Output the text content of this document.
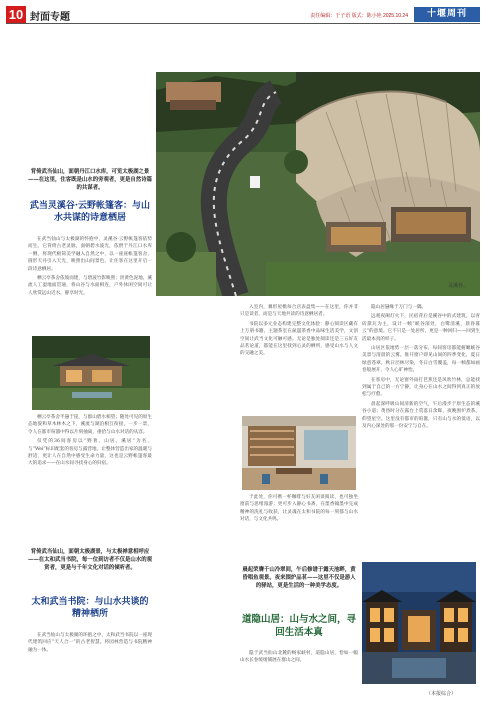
10 封面专题	责任编辑：于子语 版式：陈小艳 2025.10.24	十堰周刊
灵溪谷。
背倚武当仙山，面朝丹江口水库，可览太极湖之景——在这里，住客既是山水的旁观者，更是自然诗篇的共谋者。
武当灵溪谷·云野帐篷客：与山水共谋的诗意栖居

在武当仙山与太极湖的怀抱中，灵溪谷·云野帐篷客依势而生。它背倚古老灵脉，面朝碧水波光，依偎于丹江口水库一侧，将现代极简美学融入自然之中，以一座座帐篷客舍，圆形天井引入天光，映照出山间景色，让住客在这里开启一段诗意栖居。

栖云亭茶舍依坡而建，与碧波竹影映照；淡黄色泥地、溪流人工湿地面贯通，将山谷与水面相连，户外休闲空间可让人欣赏远山近水，静享时光。

栖云亭茶舍半悬于崖，与群山碧水相望；随处可见的原生态地貌和草木林木之下，溪流与湖泊相互衔接，一步一景，令人在都市喧嚣中得以片刻抽离，重拾与山水对话的从容。

仅凭的36间客房以“野奢、山居、溪居”为名，与“Wei”标识配套的客房与露营地，让整体营造出家的温暖与舒适，更让人在自然中感受生命力量，这也是云野帐篷客最大的追求——在山水间寻找身心的归宿。

背倚武当仙山，面朝太极湖景，与太极禅意相呼应——在太和武当书院，每一位到访者不仅是山水的观赏者，更是与千年文化对话的倾听者。
太和武当书院：与山水共谈的精神栖所

在武当仙山与太极湖的环抱之中，太和武当书院以一座现代建筑回应“天人合一”的古老智慧。将园林营造与书院精神融为一体。

入室内，翼形屋檐每合店表盘集——在这里，你并非只是读者，而是与天地共读的诗意栖居者。

书院以多元业态构建完整文化体验：静心阅读区藏有上万册书籍，主题茶室在氤氲茶香中品味生活美学，文创空间让武当文化可触可感。无论是独处阅读还是三五好友品茗论道，都能在这里找到心灵的栖所，感受山水与人文的交融之美。

于此处，你可携一杯咖啡与好友闲谈阅读，也可独坐窗前与思绪漫游；更可步入静心书斋，在墨香翰墨中完成精神的洗礼与收获，让灵魂在太和书院的每一刻都与山水对话，与文化共鸣。

晨起荣膺千山冷翠间，午后修谱于露天池畔，黄昏唱鱼观景。夜来围炉品茗——这里不仅是游人的驿站，更是生活的一种美学态度。
道隐山居：山与水之间，寻回生活本真

隐于武当仙山北麓的畅家峡村，道隐山居，恰如一幅山水长卷缓缓铺展在群山之间。

隐山居悬缘于万门与一隅。

远观夜阑灯火下，民宿背后是溪谷中的式建筑，以青砖黛瓦为主，设计一帧“峡谷深处，白鹭清溪，晨昏暮云”的意境。它不只是一处居所，更是一种回归——回到生活最本真的样子。

山居区依地势一层一落分布，每间客房都能俯瞰峡谷美景与清晨的云雾。推开窗户即见山间的四季变化，夏日绿意苍翠，秋日层林尽染，冬日白雪覆盖，每一帧都如画卷般展开，令人心旷神怡。

在客房中，无论窗外雨打芭蕉还是风吹竹林，总能找到属于自己的一方宁静，让身心在山水之间得到真正的放松与疗愈。

晨起深呼吸山间清新的空气，午后漫步于原生态的溪谷小道；黄昏时分在露台上赏落日余晖，夜晚围炉煮茶、仰望星空。这里没有都市的喧嚣，只有山与水的低语，以及内心深处的那一份安宁与自在。

（本报综合）
